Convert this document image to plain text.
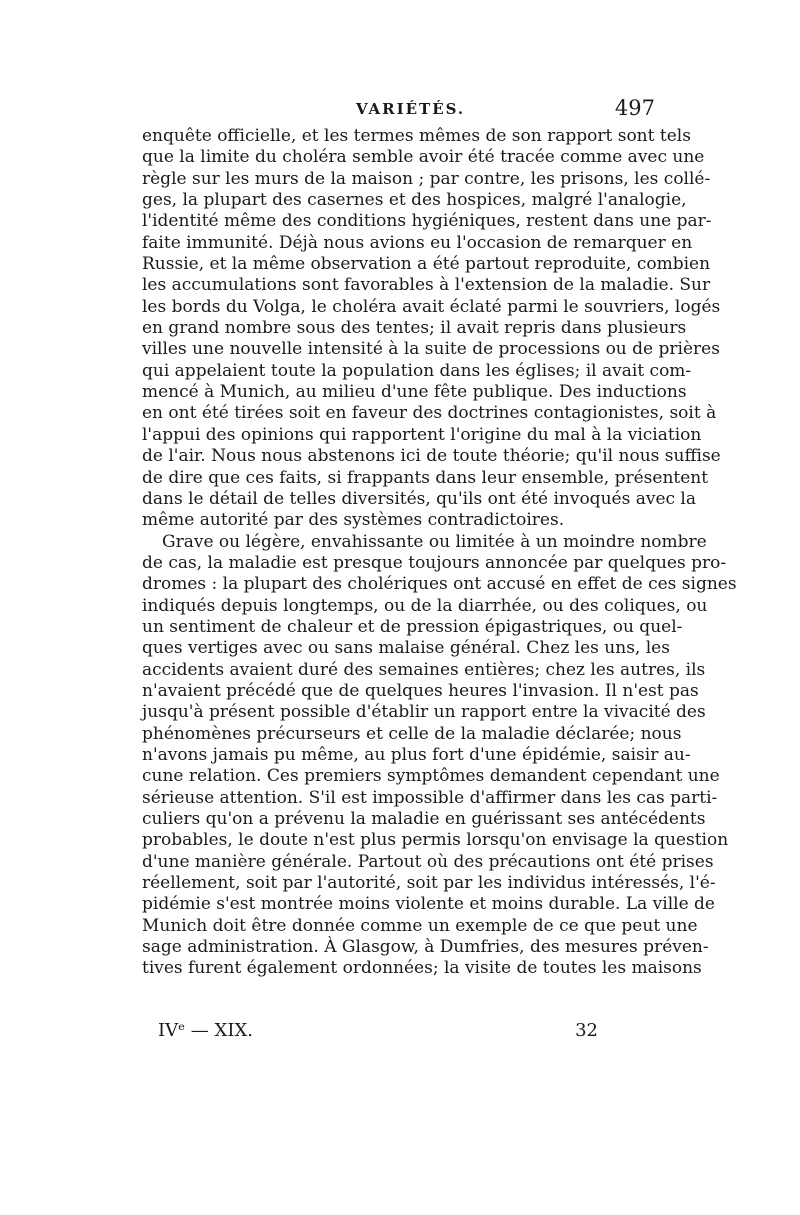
VARIÉTÉS.	497
enquête officielle, et les termes mêmes de son rapport sont tels
que la limite du choléra semble avoir été tracée comme avec une
règle sur les murs de la maison ; par contre, les prisons, les collé-
ges, la plupart des casernes et des hospices, malgré l'analogie,
l'identité même des conditions hygiéniques, restent dans une par-
faite immunité. Déjà nous avions eu l'occasion de remarquer en
Russie, et la même observation a été partout reproduite, combien
les accumulations sont favorables à l'extension de la maladie. Sur
les bords du Volga, le choléra avait éclaté parmi le souvriers, logés
en grand nombre sous des tentes; il avait repris dans plusieurs
villes une nouvelle intensité à la suite de processions ou de prières
qui appelaient toute la population dans les églises; il avait com-
mencé à Munich, au milieu d'une fête publique. Des inductions
en ont été tirées soit en faveur des doctrines contagionistes, soit à
l'appui des opinions qui rapportent l'origine du mal à la viciation
de l'air. Nous nous abstenons ici de toute théorie; qu'il nous suffise
de dire que ces faits, si frappants dans leur ensemble, présentent
dans le détail de telles diversités, qu'ils ont été invoqués avec la
même autorité par des systèmes contradictoires.
Grave ou légère, envahissante ou limitée à un moindre nombre
de cas, la maladie est presque toujours annoncée par quelques pro-
dromes : la plupart des cholériques ont accusé en effet de ces signes
indiqués depuis longtemps, ou de la diarrhée, ou des coliques, ou
un sentiment de chaleur et de pression épigastriques, ou quel-
ques vertiges avec ou sans malaise général. Chez les uns, les
accidents avaient duré des semaines entières; chez les autres, ils
n'avaient précédé que de quelques heures l'invasion. Il n'est pas
jusqu'à présent possible d'établir un rapport entre la vivacité des
phénomènes précurseurs et celle de la maladie déclarée; nous
n'avons jamais pu même, au plus fort d'une épidémie, saisir au-
cune relation. Ces premiers symptômes demandent cependant une
sérieuse attention. S'il est impossible d'affirmer dans les cas parti-
culiers qu'on a prévenu la maladie en guérissant ses antécédents
probables, le doute n'est plus permis lorsqu'on envisage la question
d'une manière générale. Partout où des précautions ont été prises
réellement, soit par l'autorité, soit par les individus intéressés, l'é-
pidémie s'est montrée moins violente et moins durable. La ville de
Munich doit être donnée comme un exemple de ce que peut une
sage administration. À Glasgow, à Dumfries, des mesures préven-
tives furent également ordonnées; la visite de toutes les maisons
IVᵉ — XIX.	32
